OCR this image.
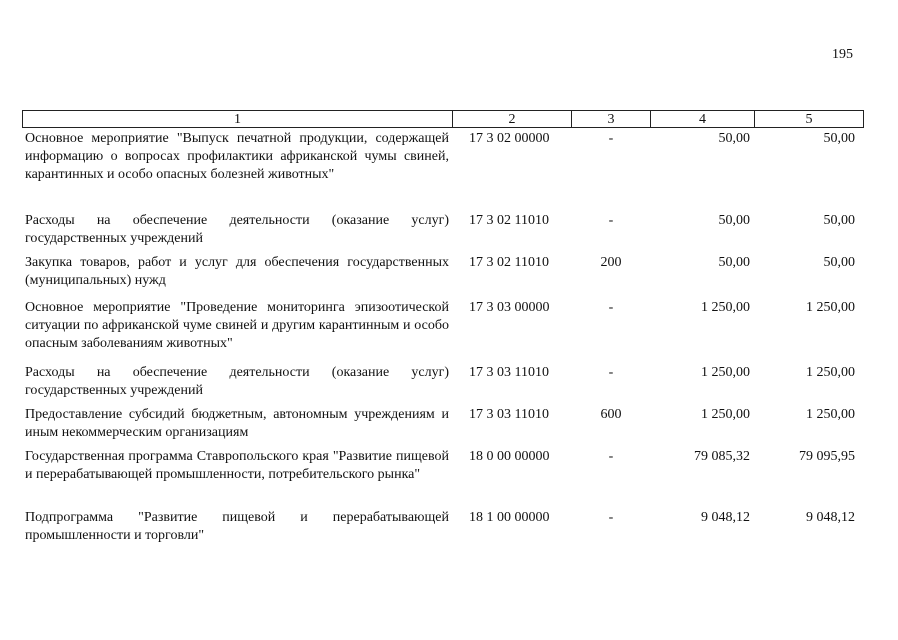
195
1	2	3	4	5
Основное мероприятие "Выпуск печатной продукции, содержащей информацию о вопросах профилактики африканской чумы свиней, карантинных и особо опасных болезней животных"
17 3 02 00000	-	50,00	50,00
Расходы на обеспечение деятельности (оказание услуг) государственных учреждений
17 3 02 11010	-	50,00	50,00
Закупка товаров, работ и услуг для обеспечения государственных (муниципальных) нужд
17 3 02 11010	200	50,00	50,00
Основное мероприятие "Проведение мониторинга эпизоотической ситуации по африканской чуме свиней и другим карантинным и особо опасным заболеваниям животных"
17 3 03 00000	-	1 250,00	1 250,00
Расходы на обеспечение деятельности (оказание услуг) государственных учреждений
17 3 03 11010	-	1 250,00	1 250,00
Предоставление субсидий бюджетным, автономным учреждениям и иным некоммерческим организациям
17 3 03 11010	600	1 250,00	1 250,00
Государственная программа Ставропольского края "Развитие пищевой и перерабатывающей промышленности, потребительского рынка"
18 0 00 00000	-	79 085,32	79 095,95
Подпрограмма "Развитие пищевой и перерабатывающей промышленности и торговли"
18 1 00 00000	-	9 048,12	9 048,12
